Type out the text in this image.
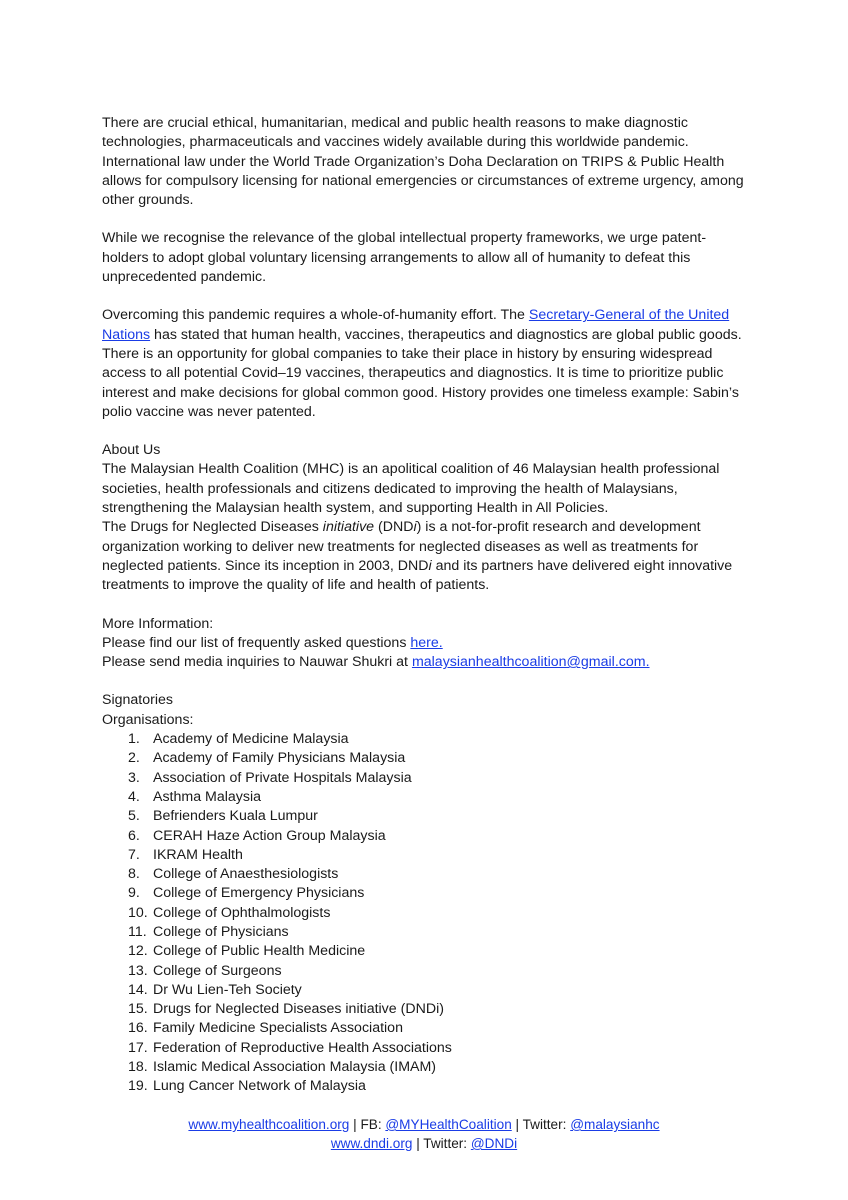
There are crucial ethical, humanitarian, medical and public health reasons to make diagnostic technologies, pharmaceuticals and vaccines widely available during this worldwide pandemic. International law under the World Trade Organization’s Doha Declaration on TRIPS & Public Health allows for compulsory licensing for national emergencies or circumstances of extreme urgency, among other grounds.

While we recognise the relevance of the global intellectual property frameworks, we urge patent-holders to adopt global voluntary licensing arrangements to allow all of humanity to defeat this unprecedented pandemic.

Overcoming this pandemic requires a whole-of-humanity effort. The Secretary-General of the United Nations has stated that human health, vaccines, therapeutics and diagnostics are global public goods. There is an opportunity for global companies to take their place in history by ensuring widespread access to all potential Covid–19 vaccines, therapeutics and diagnostics. It is time to prioritize public interest and make decisions for global common good. History provides one timeless example: Sabin’s polio vaccine was never patented.

About Us

The Malaysian Health Coalition (MHC) is an apolitical coalition of 46 Malaysian health professional societies, health professionals and citizens dedicated to improving the health of Malaysians, strengthening the Malaysian health system, and supporting Health in All Policies.

The Drugs for Neglected Diseases initiative (DNDi) is a not-for-profit research and development organization working to deliver new treatments for neglected diseases as well as treatments for neglected patients. Since its inception in 2003, DNDi and its partners have delivered eight innovative treatments to improve the quality of life and health of patients.

More Information:

Please find our list of frequently asked questions here.

Please send media inquiries to Nauwar Shukri at malaysianhealthcoalition@gmail.com.

Signatories

Organisations:

1. Academy of Medicine Malaysia
2. Academy of Family Physicians Malaysia
3. Association of Private Hospitals Malaysia
4. Asthma Malaysia
5. Befrienders Kuala Lumpur
6. CERAH Haze Action Group Malaysia
7. IKRAM Health
8. College of Anaesthesiologists
9. College of Emergency Physicians
10. College of Ophthalmologists
11. College of Physicians
12. College of Public Health Medicine
13. College of Surgeons
14. Dr Wu Lien-Teh Society
15. Drugs for Neglected Diseases initiative (DNDi)
16. Family Medicine Specialists Association
17. Federation of Reproductive Health Associations
18. Islamic Medical Association Malaysia (IMAM)
19. Lung Cancer Network of Malaysia
www.myhealthcoalition.org | FB: @MYHealthCoalition | Twitter: @malaysianhc
www.dndi.org | Twitter: @DNDi
